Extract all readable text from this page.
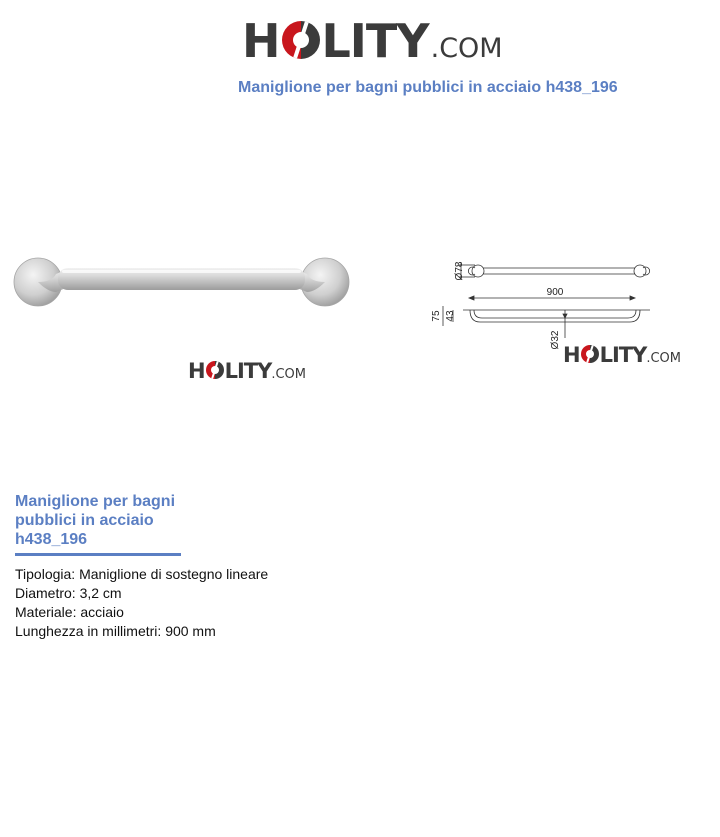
H LITY .COM
Maniglione per bagni pubblici in acciaio h438_196
H LITY .COM
Ø78
900
75 43
Ø32
H LITY .COM
Maniglione per bagni
pubblici in acciaio
h438_196
Tipologia: Maniglione di sostegno lineare
Diametro: 3,2 cm
Materiale: acciaio
Lunghezza in millimetri: 900 mm
